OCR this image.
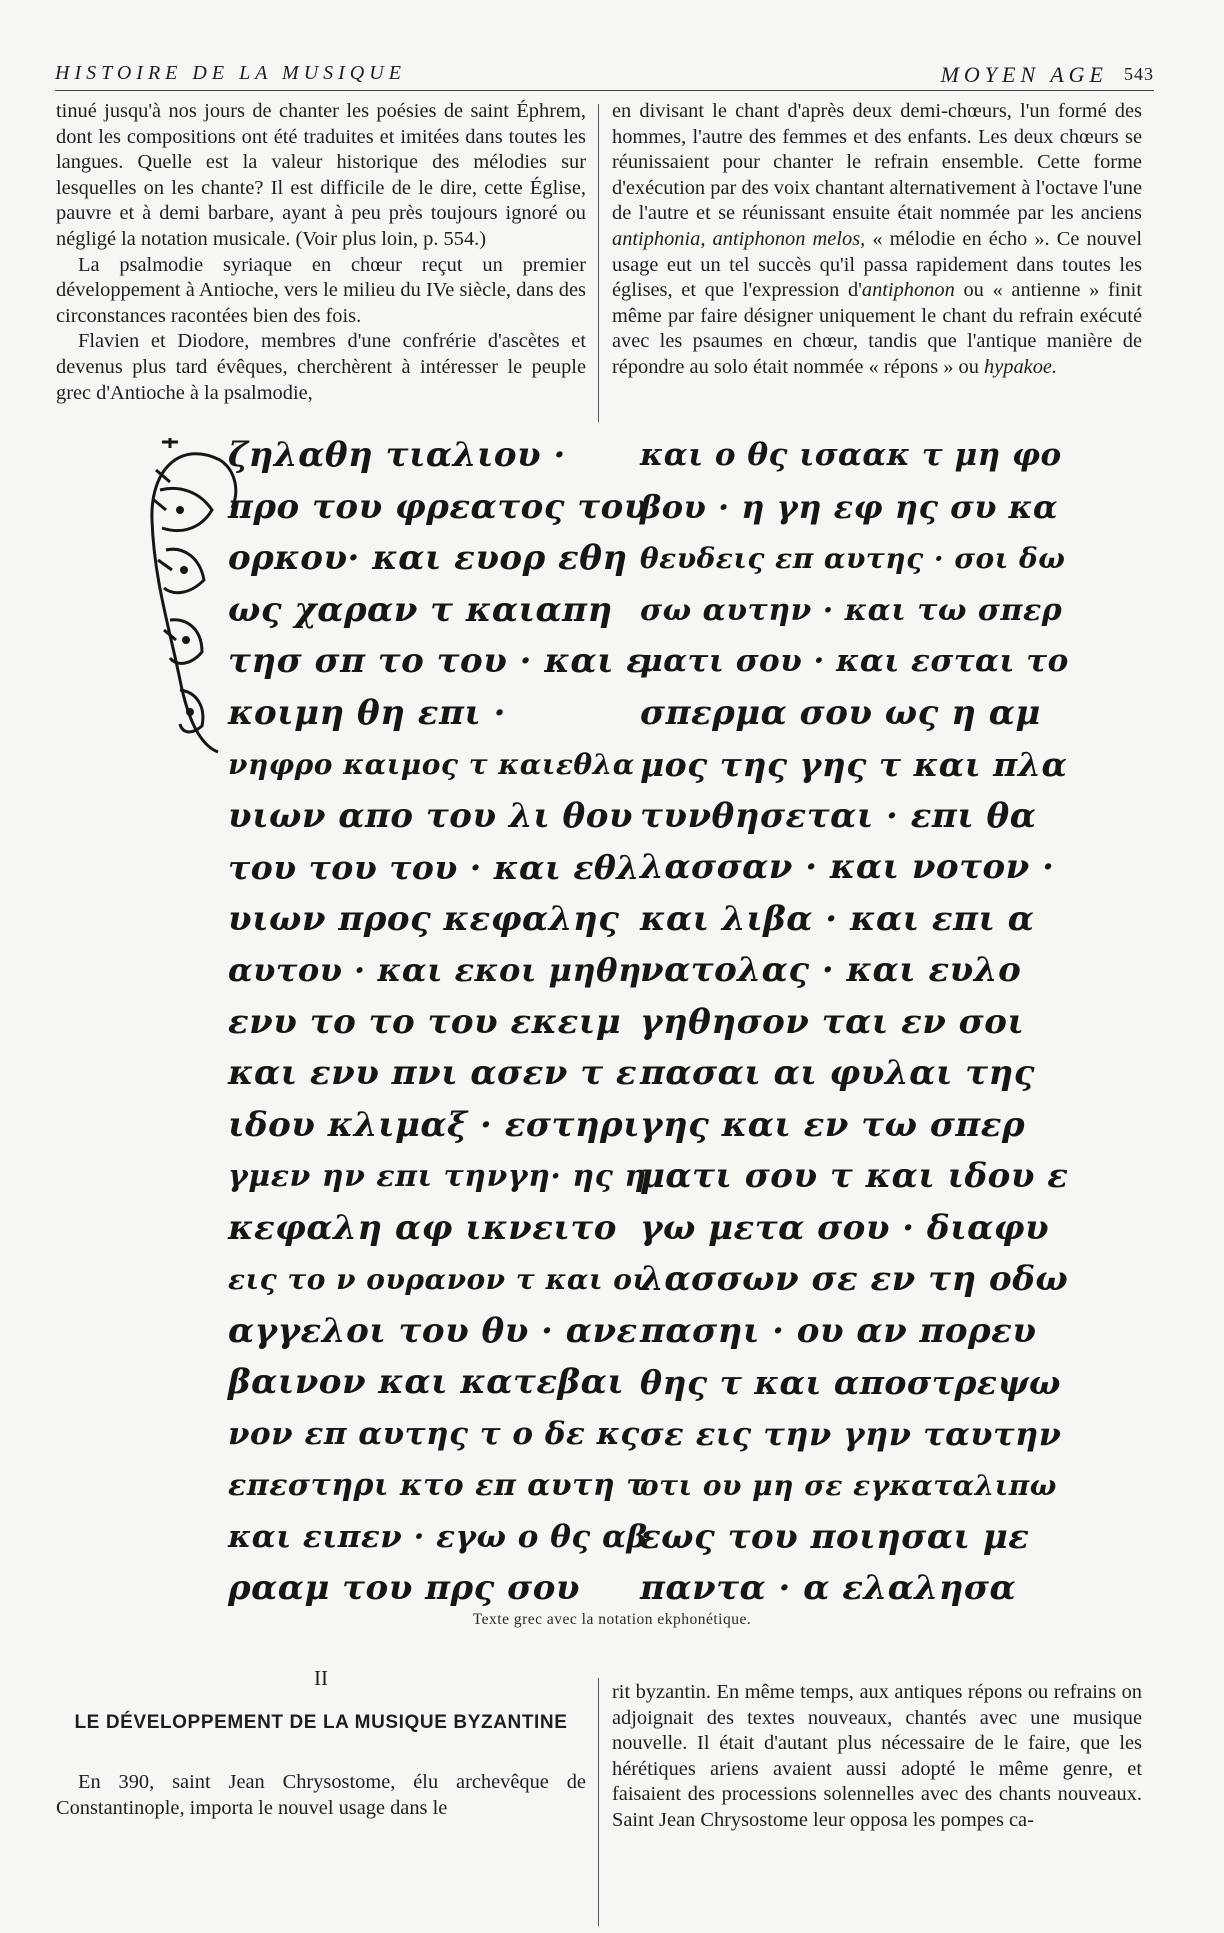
HISTOIRE DE LA MUSIQUE	MOYEN AGE 543

tinué jusqu'à nos jours de chanter les poésies de saint Éphrem, dont les compositions ont été traduites et imitées dans toutes les langues. Quelle est la valeur historique des mélodies sur lesquelles on les chante? Il est difficile de le dire, cette Église, pauvre et à demi barbare, ayant à peu près toujours ignoré ou négligé la notation musicale. (Voir plus loin, p. 554.)

La psalmodie syriaque en chœur reçut un premier développement à Antioche, vers le milieu du IVe siècle, dans des circonstances racontées bien des fois.

Flavien et Diodore, membres d'une confrérie d'ascètes et devenus plus tard évêques, cherchèrent à intéresser le peuple grec d'Antioche à la psalmodie,

en divisant le chant d'après deux demi-chœurs, l'un formé des hommes, l'autre des femmes et des enfants. Les deux chœurs se réunissaient pour chanter le refrain ensemble. Cette forme d'exécution par des voix chantant alternativement à l'octave l'une de l'autre et se réunissant ensuite était nommée par les anciens antiphonia, antiphonon melos, « mélodie en écho ». Ce nouvel usage eut un tel succès qu'il passa rapidement dans toutes les églises, et que l'expression d'antiphonon ou « antienne » finit même par faire désigner uniquement le chant du refrain exécuté avec les psaumes en chœur, tandis que l'antique manière de répondre au solo était nommée « répons » ou hypakoe.

ζηλαθη τιαλιου ·
προ του φρεατος του
ορκου· και ευορ εθη
ως χαραν τ καιαπη
τησ σπ το του · και ε
κοιμη θη επι ·
νηφρο καιμος τ καιεθλα
υιων απο του λι θου
του του του · και εθλ
υιων προς κεφαλης
αυτου · και εκοι μηθη
ενυ το το του εκειμ
και ενυ πνι ασεν τ ε
ιδου κλιμαξ · εστηρι
γμεν ην επι τηνγη· ης η
κεφαλη αφ ικνειτο
εις το ν ουρανον τ και οι
αγγελοι του θυ · ανε
βαινον και κατεβαι
νον επ αυτης τ ο δε κς
επεστηρι κτο επ αυτη τ
και ειπεν · εγω ο θς αβ
ρααμ του πρς σου
και ο θς ισαακ τ μη φο
βου · η γη εφ ης συ κα
θευδεις επ αυτης · σοι δω
σω αυτην · και τω σπερ
ματι σου · και εσται το
σπερμα σου ως η αμ
μος της γης τ και πλα
τυνθησεται · επι θα
λασσαν · και νοτον ·
και λιβα · και επι α
νατολας · και ευλο
γηθησον ται εν σοι
πασαι αι φυλαι της
γης και εν τω σπερ
ματι σου τ και ιδου ε
γω μετα σου · διαφυ
λασσων σε εν τη οδω
πασηι · ου αν πορευ
θης τ και αποστρεψω
σε εις την γην ταυτην
οτι ου μη σε εγκαταλιπω
εως του ποιησαι με
παντα · α ελαλησα
Texte grec avec la notation ekphonétique.
II
LE DÉVELOPPEMENT DE LA MUSIQUE BYZANTINE

En 390, saint Jean Chrysostome, élu archevêque de Constantinople, importa le nouvel usage dans le

rit byzantin. En même temps, aux antiques répons ou refrains on adjoignait des textes nouveaux, chantés avec une musique nouvelle. Il était d'autant plus nécessaire de le faire, que les hérétiques ariens avaient aussi adopté le même genre, et faisaient des processions solennelles avec des chants nouveaux. Saint Jean Chrysostome leur opposa les pompes ca-
